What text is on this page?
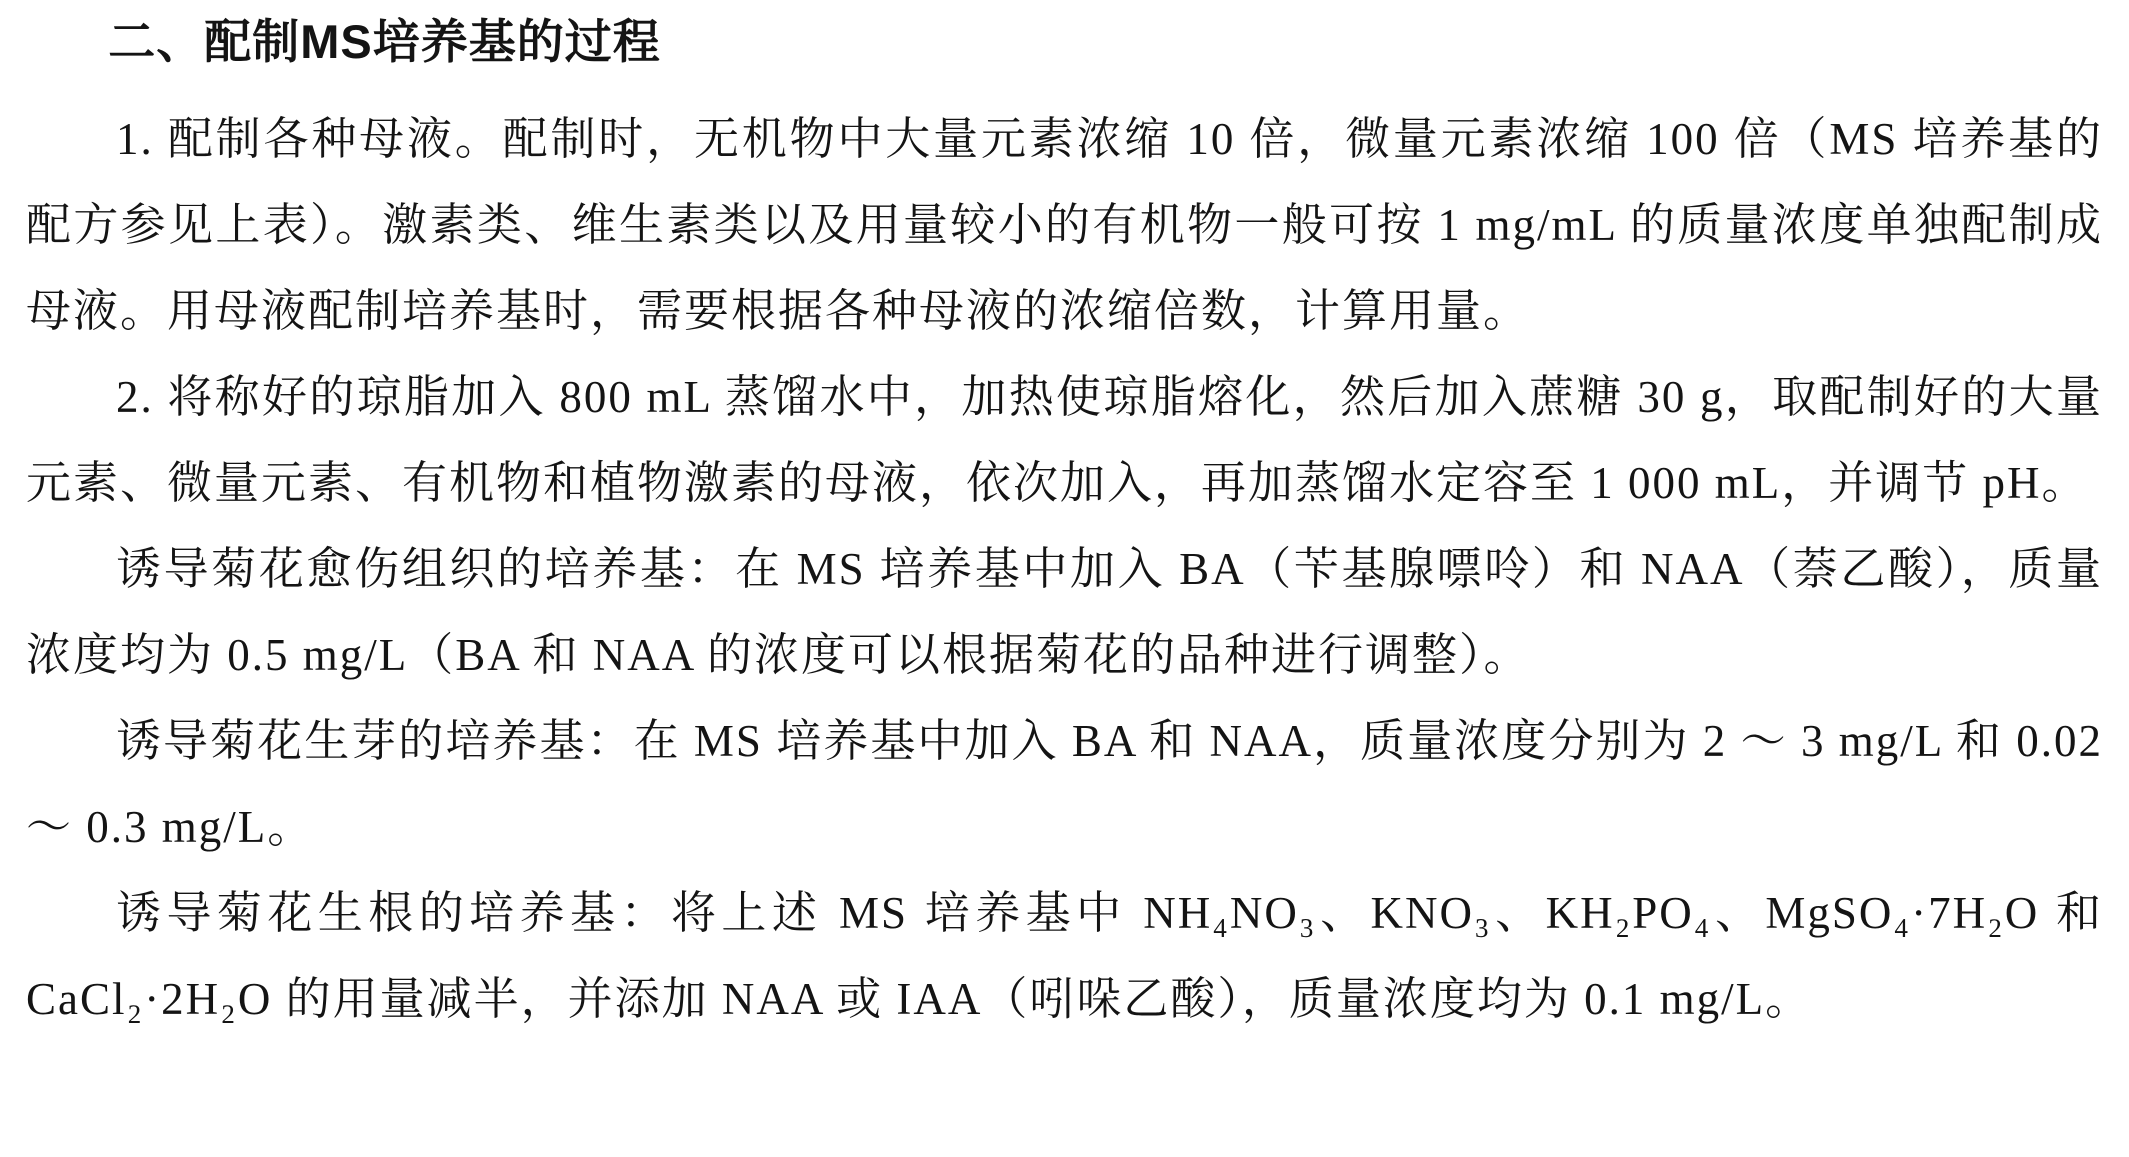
二、配制MS培养基的过程

1. 配制各种母液。配制时，无机物中大量元素浓缩 10 倍，微量元素浓缩 100 倍（MS 培养基的配方参见上表）。激素类、维生素类以及用量较小的有机物一般可按 1 mg/mL 的质量浓度单独配制成母液。用母液配制培养基时，需要根据各种母液的浓缩倍数，计算用量。

2. 将称好的琼脂加入 800 mL 蒸馏水中，加热使琼脂熔化，然后加入蔗糖 30 g，取配制好的大量元素、微量元素、有机物和植物激素的母液，依次加入，再加蒸馏水定容至 1 000 mL，并调节 pH。

诱导菊花愈伤组织的培养基：在 MS 培养基中加入 BA（苄基腺嘌呤）和 NAA（萘乙酸），质量浓度均为 0.5 mg/L（BA 和 NAA 的浓度可以根据菊花的品种进行调整）。

诱导菊花生芽的培养基：在 MS 培养基中加入 BA 和 NAA，质量浓度分别为 2 ～ 3 mg/L 和 0.02 ～ 0.3 mg/L。

诱导菊花生根的培养基：将上述 MS 培养基中 NH₄NO₃、KNO₃、KH₂PO₄、MgSO₄·7H₂O 和 CaCl₂·2H₂O 的用量减半，并添加 NAA 或 IAA（吲哚乙酸），质量浓度均为 0.1 mg/L。
